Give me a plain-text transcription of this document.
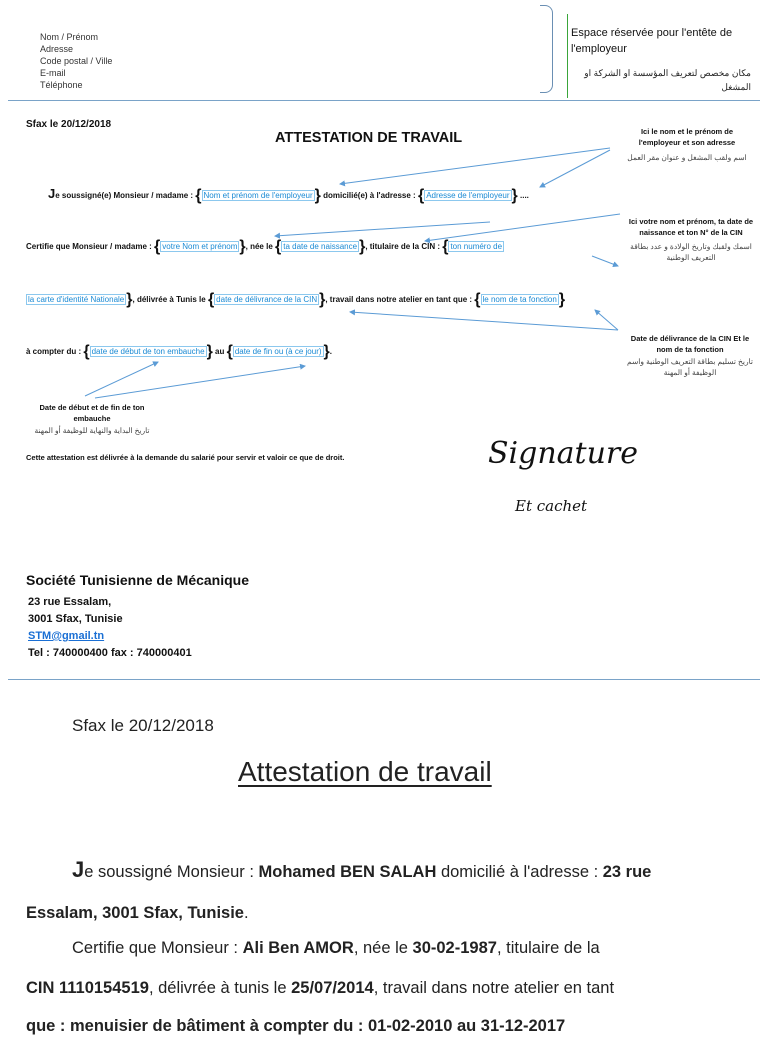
Nom / Prénom
Adresse
Code postal / Ville
E-mail
Téléphone
Espace réservée pour l'entête de l'employeur
مكان مخصص لتعريف المؤسسة او الشركة او المشغل
Sfax le 20/12/2018
ATTESTATION DE TRAVAIL
Je soussigné(e) Monsieur / madame : { Nom et prénom de l'employeur } domicilié(e) à l'adresse : { Adresse de l'employeur } ....
Certifie que Monsieur / madame : { votre Nom et prénom }, née le { ta date de naissance }, titulaire de la CIN : { ton numéro de
la carte d'identité Nationale }, délivrée à Tunis le { date de délivrance de la CIN }, travail dans notre atelier en tant que : { le nom de ta fonction }
à compter du : { date de début de ton embauche } au { date de fin ou (à ce jour) }.
Ici le nom et le prénom de l'employeur et son adresse
اسم ولقب المشغل و عنوان مقر العمل
Ici votre nom et prénom, ta date de naissance et ton N° de la CIN
اسمك ولقبك وتاريخ الولادة و عدد بطاقة التعريف الوطنية
Date de délivrance de la CIN Et le nom de ta fonction
تاريخ تسليم بطاقة التعريف الوطنية واسم الوظيفة أو المهنة
Date de début et de fin de ton embauche
تاريخ البداية والنهاية للوظيفة أو المهنة
Cette attestation est délivrée à la demande du salarié pour servir et valoir ce que de droit.	Signature
Et cachet
Société Tunisienne de Mécanique
23 rue Essalam,
3001 Sfax, Tunisie
STM@gmail.tn
Tel : 740000400 fax : 740000401
Sfax le 20/12/2018
Attestation de travail
Je soussigné Monsieur : Mohamed BEN SALAH domicilié à l'adresse : 23 rue
Essalam, 3001 Sfax, Tunisie.
Certifie que Monsieur : Ali Ben AMOR, née le 30-02-1987, titulaire de la
CIN 1110154519, délivrée à tunis le 25/07/2014, travail dans notre atelier en tant
que : menuisier de bâtiment à compter du : 01-02-2010 au 31-12-2017
